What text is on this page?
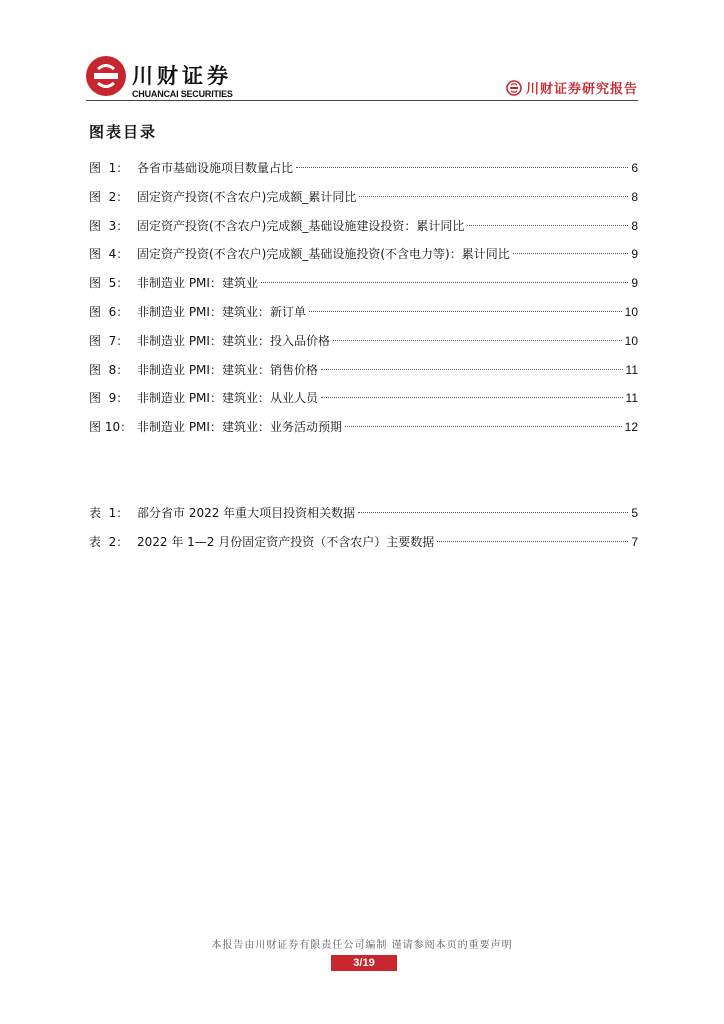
川财证券
CHUANCAI SECURITIES	川财证券研究报告
图表目录
图  1： 各省市基础设施项目数量占比	6
图  2： 固定资产投资(不含农户)完成额_累计同比	8
图  3： 固定资产投资(不含农户)完成额_基础设施建设投资：累计同比	8
图  4： 固定资产投资(不含农户)完成额_基础设施投资(不含电力等)：累计同比	9
图  5： 非制造业 PMI：建筑业	9
图  6： 非制造业 PMI：建筑业：新订单	10
图  7： 非制造业 PMI：建筑业：投入品价格	10
图  8： 非制造业 PMI：建筑业：销售价格	11
图  9： 非制造业 PMI：建筑业：从业人员	11
图 10： 非制造业 PMI：建筑业：业务活动预期	12
表  1： 部分省市 2022 年重大项目投资相关数据	5
表  2： 2022 年 1—2 月份固定资产投资（不含农户）主要数据	7
本报告由川财证券有限责任公司编制 谨请参阅本页的重要声明
3/19
